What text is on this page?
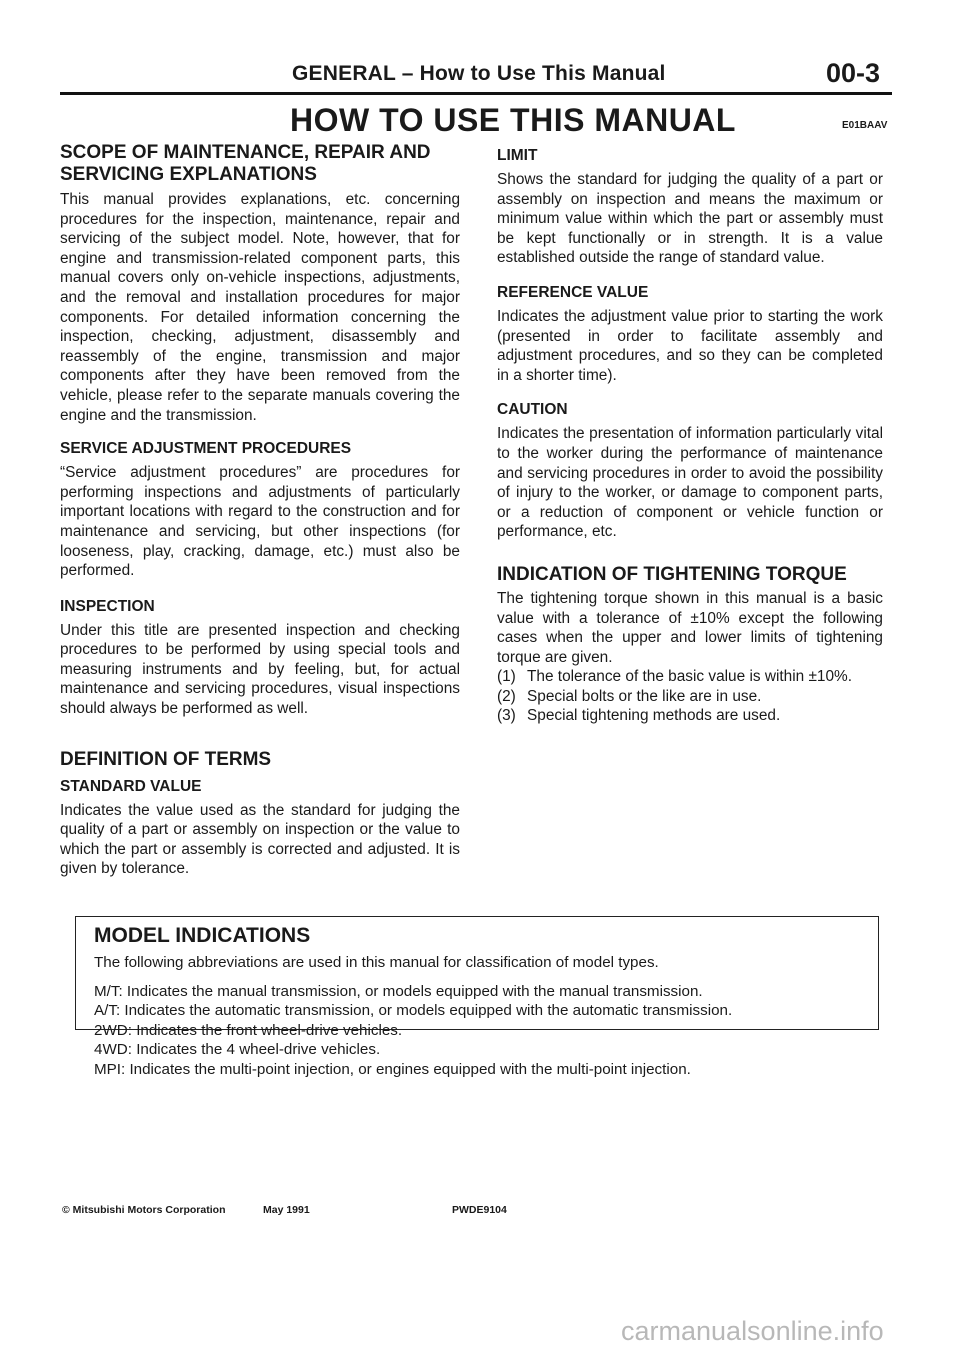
GENERAL – How to Use This Manual	00-3
HOW TO USE THIS MANUAL	E01BAAV

SCOPE OF MAINTENANCE, REPAIR AND

SERVICING EXPLANATIONS

This manual provides explanations, etc. concerning procedures for the inspection, maintenance, repair and servicing of the subject model. Note, however, that for engine and transmission-related component parts, this manual covers only on-vehicle inspections, adjustments, and the removal and installation procedures for major components. For detailed information concerning the inspection, checking, adjustment, disassembly and reassembly of the engine, transmission and major components after they have been removed from the vehicle, please refer to the separate manuals covering the engine and the transmission.

SERVICE ADJUSTMENT PROCEDURES

“Service adjustment procedures” are procedures for performing inspections and adjustments of particularly important locations with regard to the construction and for maintenance and servicing, but other inspections (for looseness, play, cracking, damage, etc.) must also be performed.

INSPECTION

Under this title are presented inspection and checking procedures to be performed by using special tools and measuring instruments and by feeling, but, for actual maintenance and servicing procedures, visual inspections should always be performed as well.

DEFINITION OF TERMS

STANDARD VALUE

Indicates the value used as the standard for judging the quality of a part or assembly on inspection or the value to which the part or assembly is corrected and adjusted. It is given by tolerance.

LIMIT

Shows the standard for judging the quality of a part or assembly on inspection and means the maximum or minimum value within which the part or assembly must be kept functionally or in strength. It is a value established outside the range of standard value.

REFERENCE VALUE

Indicates the adjustment value prior to starting the work (presented in order to facilitate assembly and adjustment procedures, and so they can be completed in a shorter time).

CAUTION

Indicates the presentation of information particularly vital to the worker during the performance of maintenance and servicing procedures in order to avoid the possibility of injury to the worker, or damage to component parts, or a reduction of component or vehicle function or performance, etc.

INDICATION OF TIGHTENING TORQUE

The tightening torque shown in this manual is a basic value with a tolerance of ±10% except the following cases when the upper and lower limits of tightening torque are given.

(1) The tolerance of the basic value is within ±10%.
(2) Special bolts or the like are in use.
(3) Special tightening methods are used.
MODEL INDICATIONS
The following abbreviations are used in this manual for classification of model types.
M/T: Indicates the manual transmission, or models equipped with the manual transmission.
A/T: Indicates the automatic transmission, or models equipped with the automatic transmission.
2WD: Indicates the front wheel-drive vehicles.
4WD: Indicates the 4 wheel-drive vehicles.
MPI: Indicates the multi-point injection, or engines equipped with the multi-point injection.
© Mitsubishi Motors Corporation	May 1991	PWDE9104
carmanualsonline.info
